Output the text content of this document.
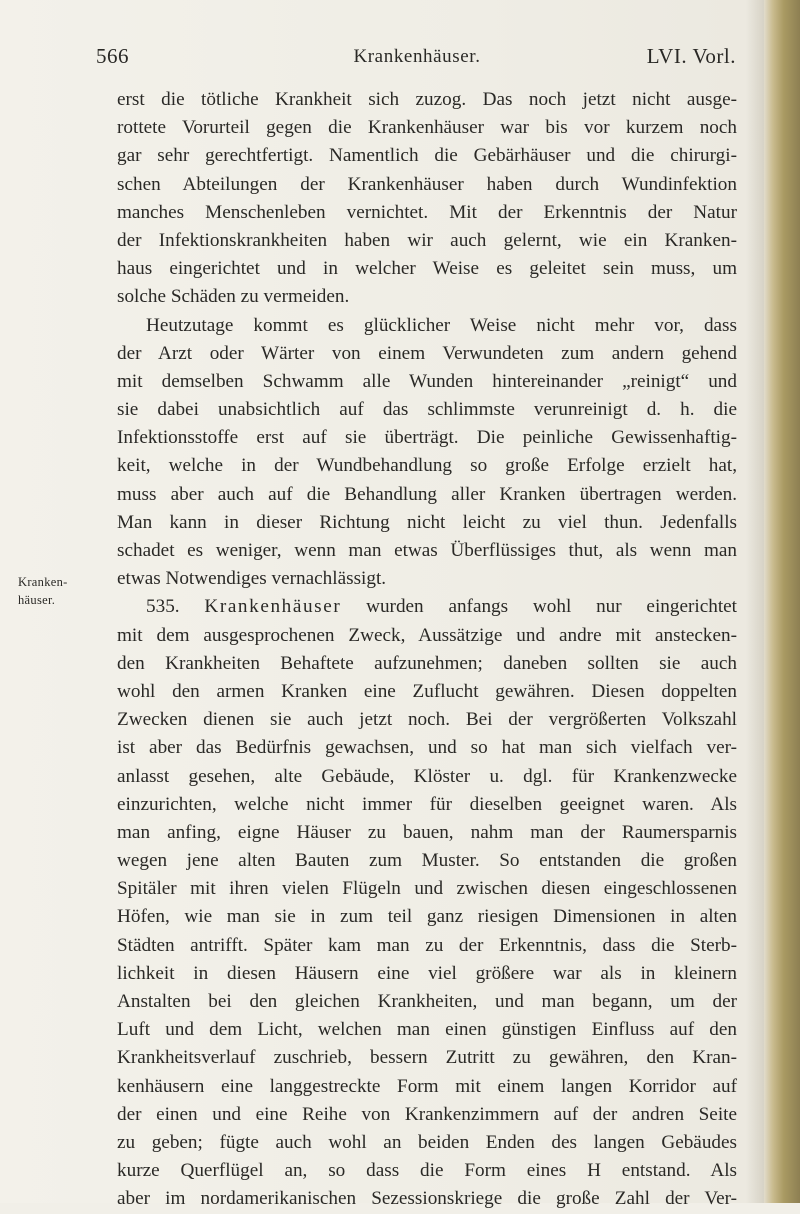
566	Krankenhäuser.	LVI. Vorl.
Kranken-
häuser.
erst die tötliche Krankheit sich zuzog. Das noch jetzt nicht ausge-
rottete Vorurteil gegen die Krankenhäuser war bis vor kurzem noch
gar sehr gerechtfertigt. Namentlich die Gebärhäuser und die chirurgi-
schen Abteilungen der Krankenhäuser haben durch Wundinfektion
manches Menschenleben vernichtet. Mit der Erkenntnis der Natur
der Infektionskrankheiten haben wir auch gelernt, wie ein Kranken-
haus eingerichtet und in welcher Weise es geleitet sein muss, um
solche Schäden zu vermeiden.
Heutzutage kommt es glücklicher Weise nicht mehr vor, dass
der Arzt oder Wärter von einem Verwundeten zum andern gehend
mit demselben Schwamm alle Wunden hintereinander „reinigt“ und
sie dabei unabsichtlich auf das schlimmste verunreinigt d. h. die
Infektionsstoffe erst auf sie überträgt. Die peinliche Gewissenhaftig-
keit, welche in der Wundbehandlung so große Erfolge erzielt hat,
muss aber auch auf die Behandlung aller Kranken übertragen werden.
Man kann in dieser Richtung nicht leicht zu viel thun. Jedenfalls
schadet es weniger, wenn man etwas Überflüssiges thut, als wenn man
etwas Notwendiges vernachlässigt.
535. Krankenhäuser wurden anfangs wohl nur eingerichtet
mit dem ausgesprochenen Zweck, Aussätzige und andre mit anstecken-
den Krankheiten Behaftete aufzunehmen; daneben sollten sie auch
wohl den armen Kranken eine Zuflucht gewähren. Diesen doppelten
Zwecken dienen sie auch jetzt noch. Bei der vergrößerten Volkszahl
ist aber das Bedürfnis gewachsen, und so hat man sich vielfach ver-
anlasst gesehen, alte Gebäude, Klöster u. dgl. für Krankenzwecke
einzurichten, welche nicht immer für dieselben geeignet waren. Als
man anfing, eigne Häuser zu bauen, nahm man der Raumersparnis
wegen jene alten Bauten zum Muster. So entstanden die großen
Spitäler mit ihren vielen Flügeln und zwischen diesen eingeschlossenen
Höfen, wie man sie in zum teil ganz riesigen Dimensionen in alten
Städten antrifft. Später kam man zu der Erkenntnis, dass die Sterb-
lichkeit in diesen Häusern eine viel größere war als in kleinern
Anstalten bei den gleichen Krankheiten, und man begann, um der
Luft und dem Licht, welchen man einen günstigen Einfluss auf den
Krankheitsverlauf zuschrieb, bessern Zutritt zu gewähren, den Kran-
kenhäusern eine langgestreckte Form mit einem langen Korridor auf
der einen und eine Reihe von Krankenzimmern auf der andren Seite
zu geben; fügte auch wohl an beiden Enden des langen Gebäudes
kurze Querflügel an, so dass die Form eines H entstand. Als
aber im nordamerikanischen Sezessionskriege die große Zahl der Ver-
